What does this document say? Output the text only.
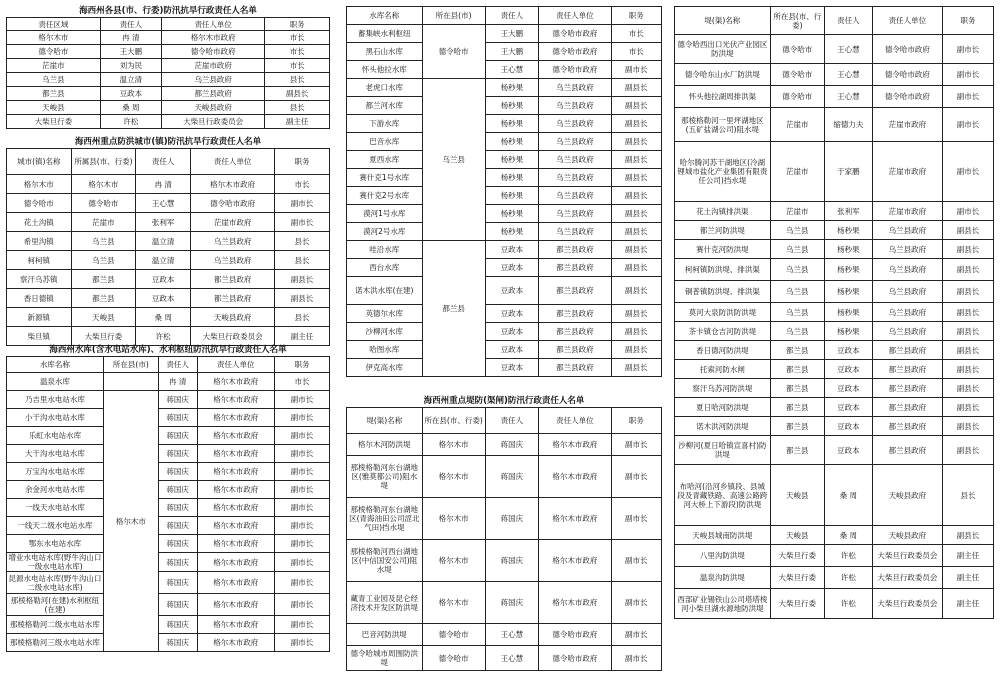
海西州各县(市、行委)防汛抗旱行政责任人名单
责任区域	责任人	责任人单位	职务
格尔木市	冉 清	格尔木市政府	市长
德令哈市	王大鹏	德令哈市政府	市长
茫崖市	刘为民	茫崖市政府	市长
乌兰县	温立清	乌兰县政府	县长
都兰县	豆政本	都兰县政府	副县长
天峻县	桑 周	天峻县政府	县长
大柴旦行委	许松	大柴旦行政委员会	副主任
海西州重点防洪城市(镇)防汛抗旱行政责任人名单
城市(镇)名称	所属县(市、行委)	责任人	责任人单位	职务
格尔木市	格尔木市	冉 清	格尔木市政府	市长
德令哈市	德令哈市	王心慧	德令哈市政府	副市长
花土沟镇	茫崖市	张利军	茫崖市政府	副市长
希里沟镇	乌兰县	温立清	乌兰县政府	县长
柯柯镇	乌兰县	温立清	乌兰县政府	县长
察汗乌苏镇	都兰县	豆政本	都兰县政府	副县长
香日德镇	都兰县	豆政本	都兰县政府	副县长
新源镇	天峻县	桑 周	天峻县政府	县长
柴旦镇	大柴旦行委	许松	大柴旦行政委员会	副主任
海西州水库(含水电站水库)、水利枢纽防汛抗旱行政责任人名单
水库名称	所在县(市)	责任人	责任人单位	职务
温泉水库		冉 清	格尔木市政府	市长
乃吉里水电站水库	格尔木市	蒋国庆	格尔木市政府	副市长
小干沟水电站水库		蒋国庆	格尔木市政府	副市长
乐虹水电站水库		蒋国庆	格尔木市政府	副市长
大干沟水电站水库		蒋国庆	格尔木市政府	副市长
万宝沟水电站水库		蒋国庆	格尔木市政府	副市长
余金河水电站水库		蒋国庆	格尔木市政府	副市长
一线天水电站水库		蒋国庆	格尔木市政府	副市长
一线天二级水电站水库		蒋国庆	格尔木市政府	副市长
鄂东水电站水库		蒋国庆	格尔木市政府	副市长
增业水电站水库(野牛沟山口一级水电站水库)		蒋国庆	格尔木市政府	副市长
昆源水电站水库(野牛沟山口二级水电站水库)		蒋国庆	格尔木市政府	副市长
那棱格勒河(在建)水利枢纽(在建)		蒋国庆	格尔木市政府	副市长
那棱格勒河二级水电站水库		蒋国庆	格尔木市政府	副市长
那棱格勒河三级水电站水库		蒋国庆	格尔木市政府	副市长
水库名称	所在县(市)	责任人	责任人单位	职务
蓄集峡水利枢纽	德令哈市	王大鹏	德令哈市政府	市长
黑石山水库		王大鹏	德令哈市政府	市长
怀头他拉水库		王心慧	德令哈市政府	副市长
老虎口水库	乌兰县	杨秒果	乌兰县政府	副县长
都兰河水库		杨秒果	乌兰县政府	副县长
下游水库		杨秒果	乌兰县政府	副县长
巴音水库		杨秒果	乌兰县政府	副县长
夏西水库		杨秒果	乌兰县政府	副县长
赛什克1号水库		杨秒果	乌兰县政府	副县长
赛什克2号水库		杨秒果	乌兰县政府	副县长
漠河1号水库		杨秒果	乌兰县政府	副县长
漠河2号水库		杨秒果	乌兰县政府	副县长
哇沿水库	都兰县	豆政本	都兰县政府	副县长
西台水库		豆政本	都兰县政府	副县长
诺木洪水库(在建)		豆政本	都兰县政府	副县长
英德尔水库		豆政本	都兰县政府	副县长
沙柳河水库		豆政本	都兰县政府	副县长
哈图水库		豆政本	都兰县政府	副县长
伊克高水库		豆政本	都兰县政府	副县长
海西州重点堤防(渠闸)防汛行政责任人名单
堤(渠)名称	所在县(市、行委)	责任人	责任人单位	职务
格尔木河防洪堤	格尔木市	蒋国庆	格尔木市政府	副市长
那棱格勒河东台湖地区(雅莫都公司)阻水堤	格尔木市	蒋国庆	格尔木市政府	副市长
那棱格勒河东台湖地区(青海油田公司涩北气田)挡水堤	格尔木市	蒋国庆	格尔木市政府	副市长
那棱格勒河西台湖地区(中信国安公司)阻水堤	格尔木市	蒋国庆	格尔木市政府	副市长
藏青工业园及昆仑经济技术开发区防洪堤	格尔木市	蒋国庆	格尔木市政府	副市长
巴音河防洪堤	德令哈市	王心慧	德令哈市政府	副市长
德令哈城市周围防洪堤	德令哈市	王心慧	德令哈市政府	副市长
堤(渠)名称	所在县(市、行委)	责任人	责任人单位	职务
德令哈西出口光伏产业园区防洪堤	德令哈市	王心慧	德令哈市政府	副市长
德令哈东山水厂防洪堤	德令哈市	王心慧	德令哈市政府	副市长
怀头他拉湖周排洪渠	德令哈市	王心慧	德令哈市政府	副市长
那棱格勒河一里坪湖地区(五矿盐湖公司)阻水堤	茫崖市	缩德力夫	茫崖市政府	副市长
哈尔腾河苏干湖地区(冷湖锂城市盐化产业集团有限责任公司)挡水堤	茫崖市	于家鹏	茫崖市政府	副市长
花土沟镇排洪渠	茫崖市	张利军	茫崖市政府	副市长
都兰河防洪堤	乌兰县	杨秒果	乌兰县政府	副县长
赛什克河防洪堤	乌兰县	杨秒果	乌兰县政府	副县长
柯柯镇防洪堤、排洪渠	乌兰县	杨秒果	乌兰县政府	副县长
铜普镇防洪堤、排洪渠	乌兰县	杨秒果	乌兰县政府	副县长
莫河大泉防洪防洪堤	乌兰县	杨秒果	乌兰县政府	副县长
茶卡镇仓吉河防洪堤	乌兰县	杨秒果	乌兰县政府	副县长
香日德河防洪堤	都兰县	豆政本	都兰县政府	副县长
托索河防水闸	都兰县	豆政本	都兰县政府	副县长
察汗乌苏河防洪堤	都兰县	豆政本	都兰县政府	副县长
夏日哈河防洪堤	都兰县	豆政本	都兰县政府	副县长
诺木洪河防洪堤	都兰县	豆政本	都兰县政府	副县长
沙柳河(夏日哈镇宣喜村)防洪堤	都兰县	豆政本	都兰县政府	副县长
布哈河(沿河乡镇段、县城段及青藏铁路、高速公路跨河大桥上下游段)防洪堤	天峻县	桑 周	天峻县政府	县长
天峻县城南防洪堤	天峻县	桑 周	天峻县政府	副县长
八里沟防洪堤	大柴旦行委	许松	大柴旦行政委员会	副主任
温泉沟防洪堤	大柴旦行委	许松	大柴旦行政委员会	副主任
西部矿业锡铁山公司塔塔棱河小柴旦湖水源地防洪堤	大柴旦行委	许松	大柴旦行政委员会	副主任
